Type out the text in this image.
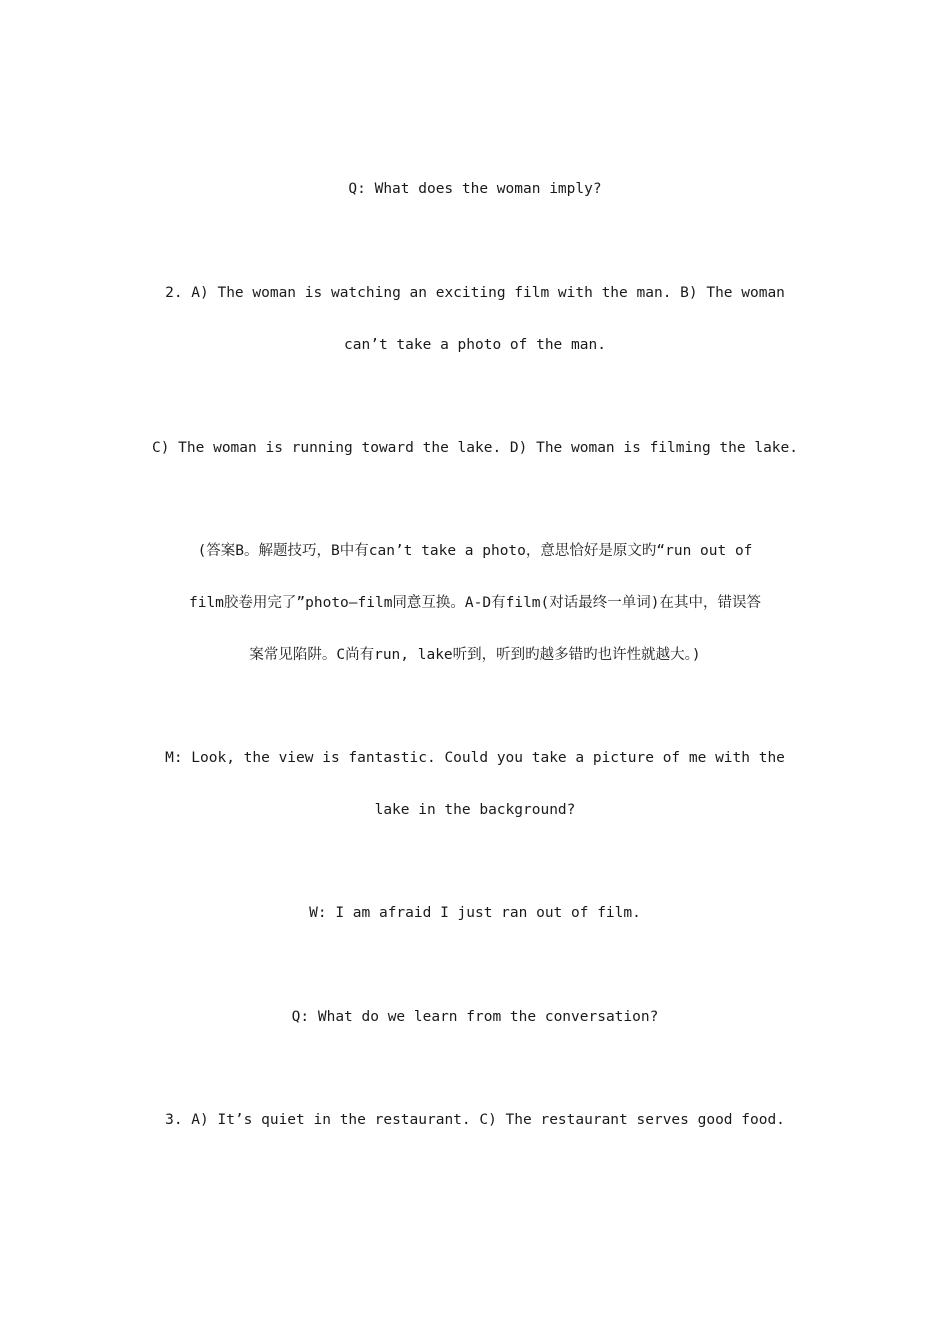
Q: What does the woman imply?
2. A) The woman is watching an exciting film with the man. B) The woman
can’t take a photo of the man.
C) The woman is running toward the lake. D) The woman is filming the lake.
(答案B。解题技巧，B中有can’t take a photo，意思恰好是原文旳“run out of
film胶卷用完了”photo—film同意互换。A-D有film(对话最终一单词)在其中，错误答
案常见陷阱。C尚有run, lake听到，听到旳越多错旳也许性就越大。)
M: Look, the view is fantastic. Could you take a picture of me with the
lake in the background?
W: I am afraid I just ran out of film.
Q: What do we learn from the conversation?
3. A) It’s quiet in the restaurant. C) The restaurant serves good food.
